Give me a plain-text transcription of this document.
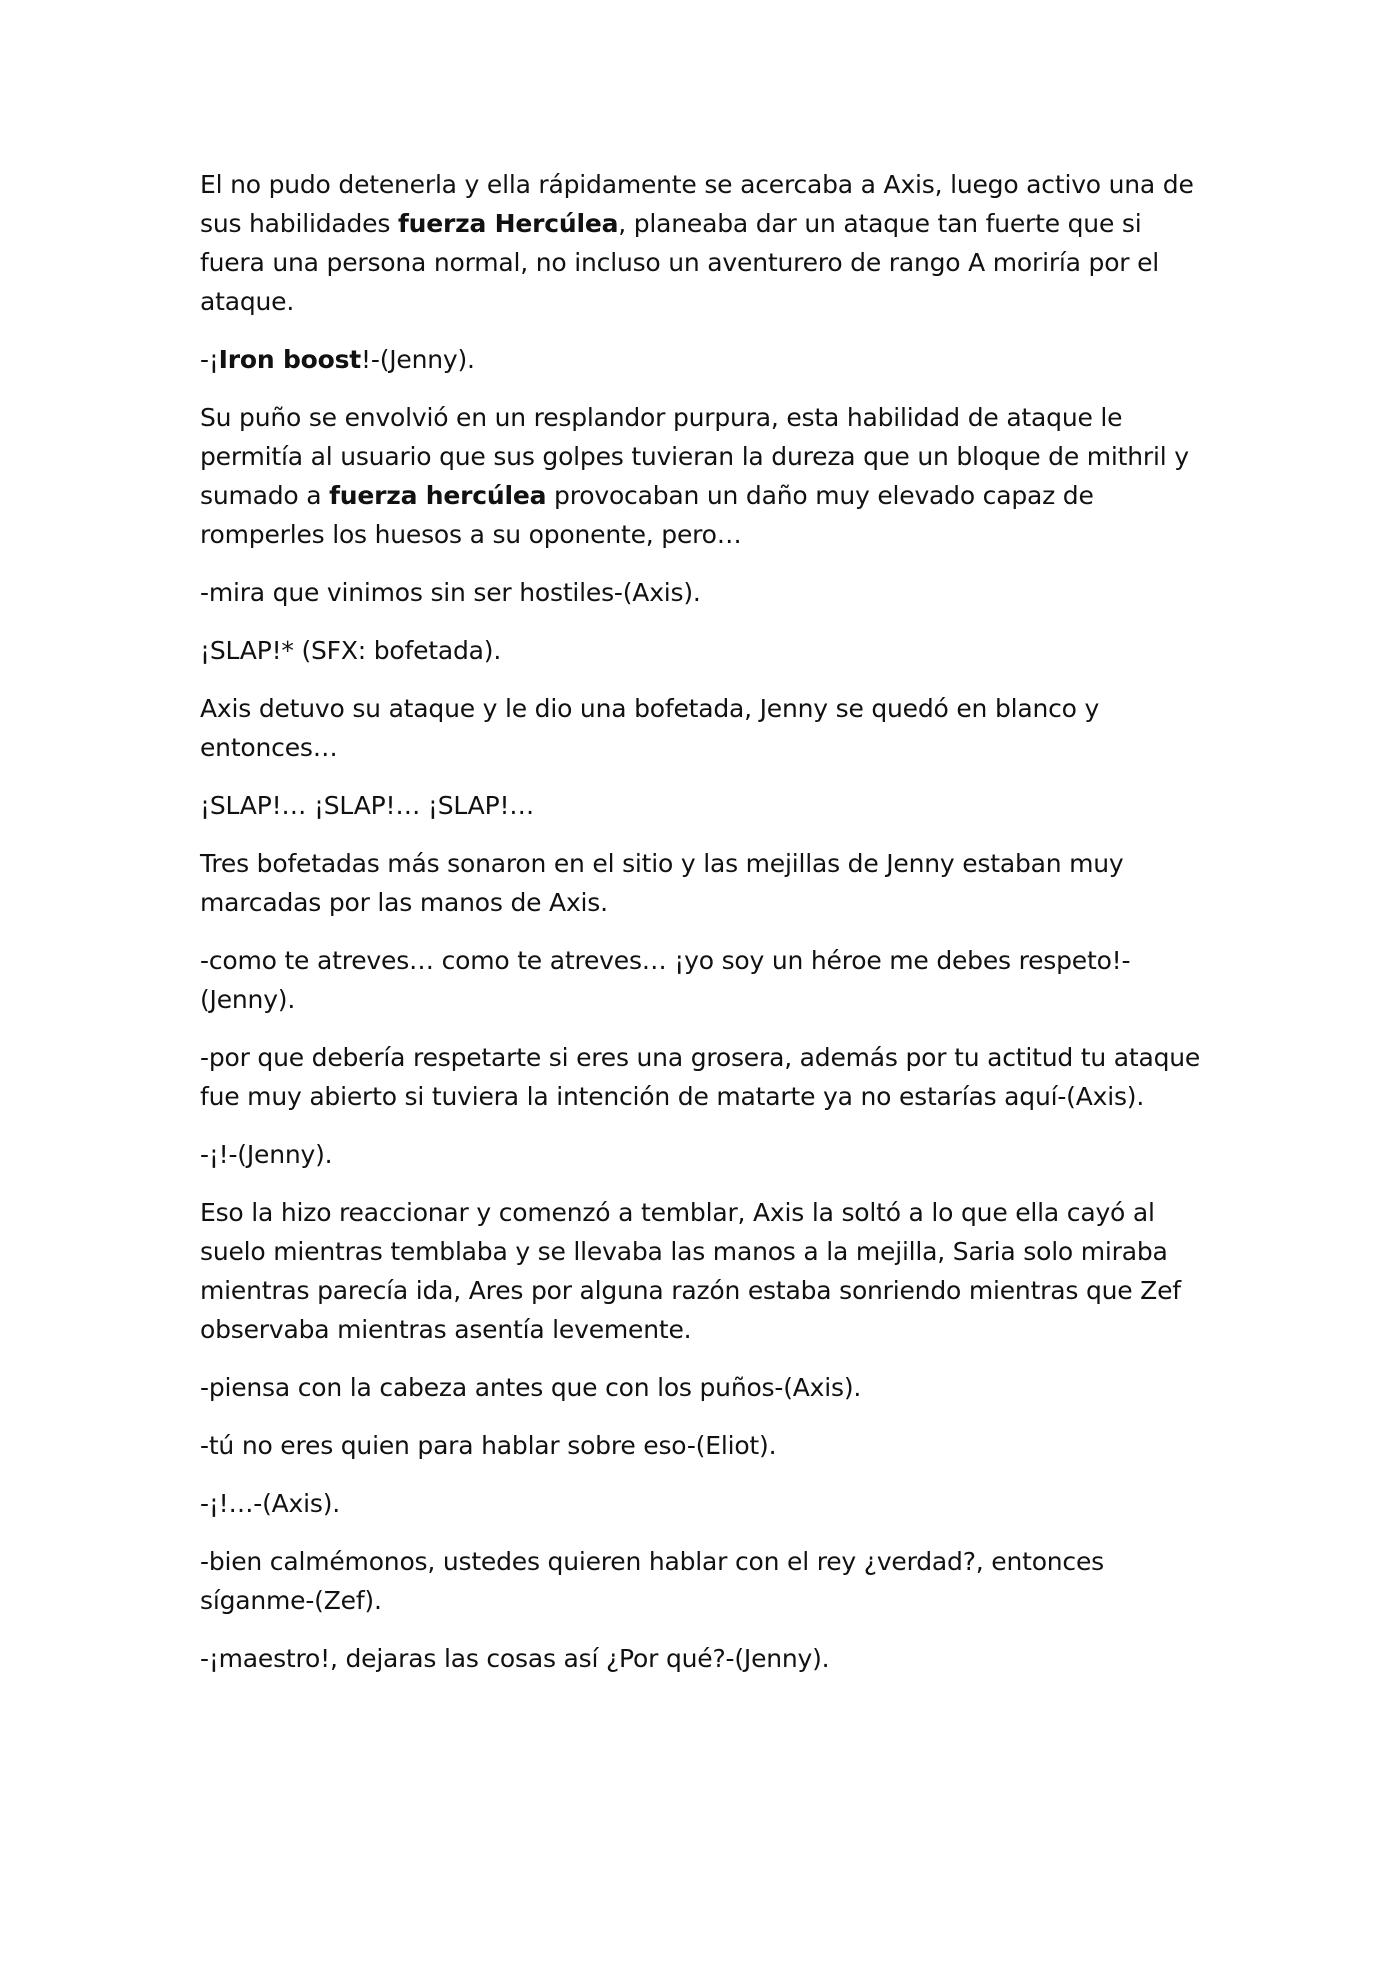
El no pudo detenerla y ella rápidamente se acercaba a Axis, luego activo una de sus habilidades fuerza Hercúlea, planeaba dar un ataque tan fuerte que si fuera una persona normal, no incluso un aventurero de rango A moriría por el ataque.

-¡Iron boost!-(Jenny).

Su puño se envolvió en un resplandor purpura, esta habilidad de ataque le permitía al usuario que sus golpes tuvieran la dureza que un bloque de mithril y sumado a fuerza hercúlea provocaban un daño muy elevado capaz de romperles los huesos a su oponente, pero…

-mira que vinimos sin ser hostiles-(Axis).

¡SLAP!* (SFX: bofetada).

Axis detuvo su ataque y le dio una bofetada, Jenny se quedó en blanco y entonces…

¡SLAP!… ¡SLAP!… ¡SLAP!…

Tres bofetadas más sonaron en el sitio y las mejillas de Jenny estaban muy marcadas por las manos de Axis.

-como te atreves… como te atreves… ¡yo soy un héroe me debes respeto!-(Jenny).

-por que debería respetarte si eres una grosera, además por tu actitud tu ataque fue muy abierto si tuviera la intención de matarte ya no estarías aquí-(Axis).

-¡!-(Jenny).

Eso la hizo reaccionar y comenzó a temblar, Axis la soltó a lo que ella cayó al suelo mientras temblaba y se llevaba las manos a la mejilla, Saria solo miraba mientras parecía ida, Ares por alguna razón estaba sonriendo mientras que Zef observaba mientras asentía levemente.

-piensa con la cabeza antes que con los puños-(Axis).

-tú no eres quien para hablar sobre eso-(Eliot).

-¡!…-(Axis).

-bien calmémonos, ustedes quieren hablar con el rey ¿verdad?, entonces síganme-(Zef).

-¡maestro!, dejaras las cosas así ¿Por qué?-(Jenny).
